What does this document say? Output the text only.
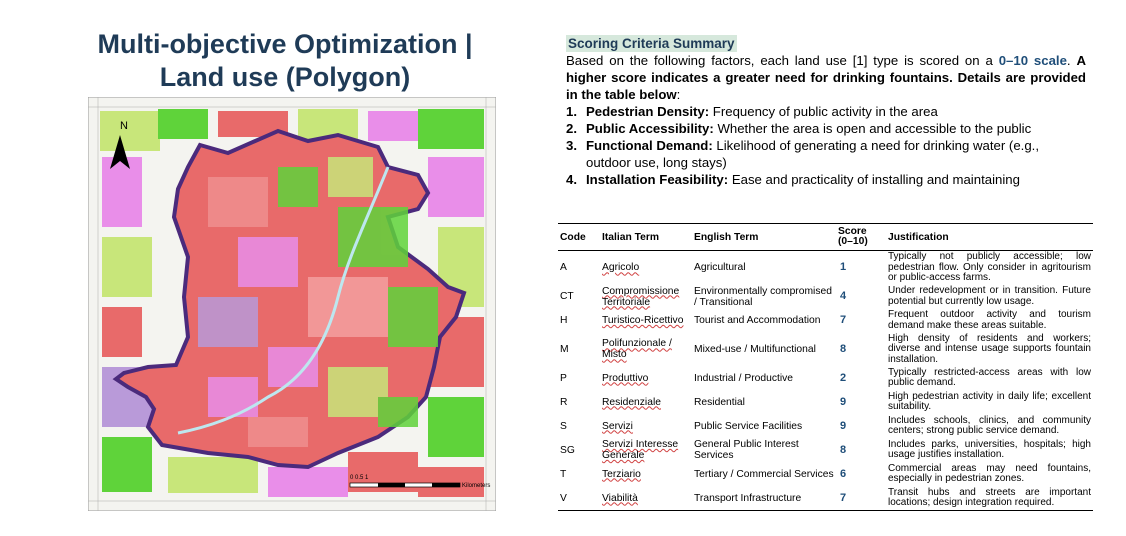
Multi-objective Optimization |
Land use (Polygon)
N
0 0.5 1
Kilometers
Scoring Criteria Summary

Based on the following factors, each land use [1] type is scored on a 0–10 scale. A higher score indicates a greater need for drinking fountains. Details are provided in the table below:

1. Pedestrian Density: Frequency of public activity in the area
2. Public Accessibility: Whether the area is open and accessible to the public
3. Functional Demand: Likelihood of generating a need for drinking water (e.g., outdoor use, long stays)
4. Installation Feasibility: Ease and practicality of installing and maintaining
Code	Italian Term	English Term	Score (0–10)	Justification
A	Agricolo	Agricultural	1	Typically not publicly accessible; low pedestrian flow. Only consider in agritourism or public-access farms.
CT	Compromissione Territoriale	Environmentally compromised / Transitional	4	Under redevelopment or in transition. Future potential but currently low usage.
H	Turistico-Ricettivo	Tourist and Accommodation	7	Frequent outdoor activity and tourism demand make these areas suitable.
M	Polifunzionale / Misto	Mixed-use / Multifunctional	8	High density of residents and workers; diverse and intense usage supports fountain installation.
P	Produttivo	Industrial / Productive	2	Typically restricted-access areas with low public demand.
R	Residenziale	Residential	9	High pedestrian activity in daily life; excellent suitability.
S	Servizi	Public Service Facilities	9	Includes schools, clinics, and community centers; strong public service demand.
SG	Servizi Interesse Generale	General Public Interest Services	8	Includes parks, universities, hospitals; high usage justifies installation.
T	Terziario	Tertiary / Commercial Services	6	Commercial areas may need fountains, especially in pedestrian zones.
V	Viabilità	Transport Infrastructure	7	Transit hubs and streets are important locations; design integration required.
